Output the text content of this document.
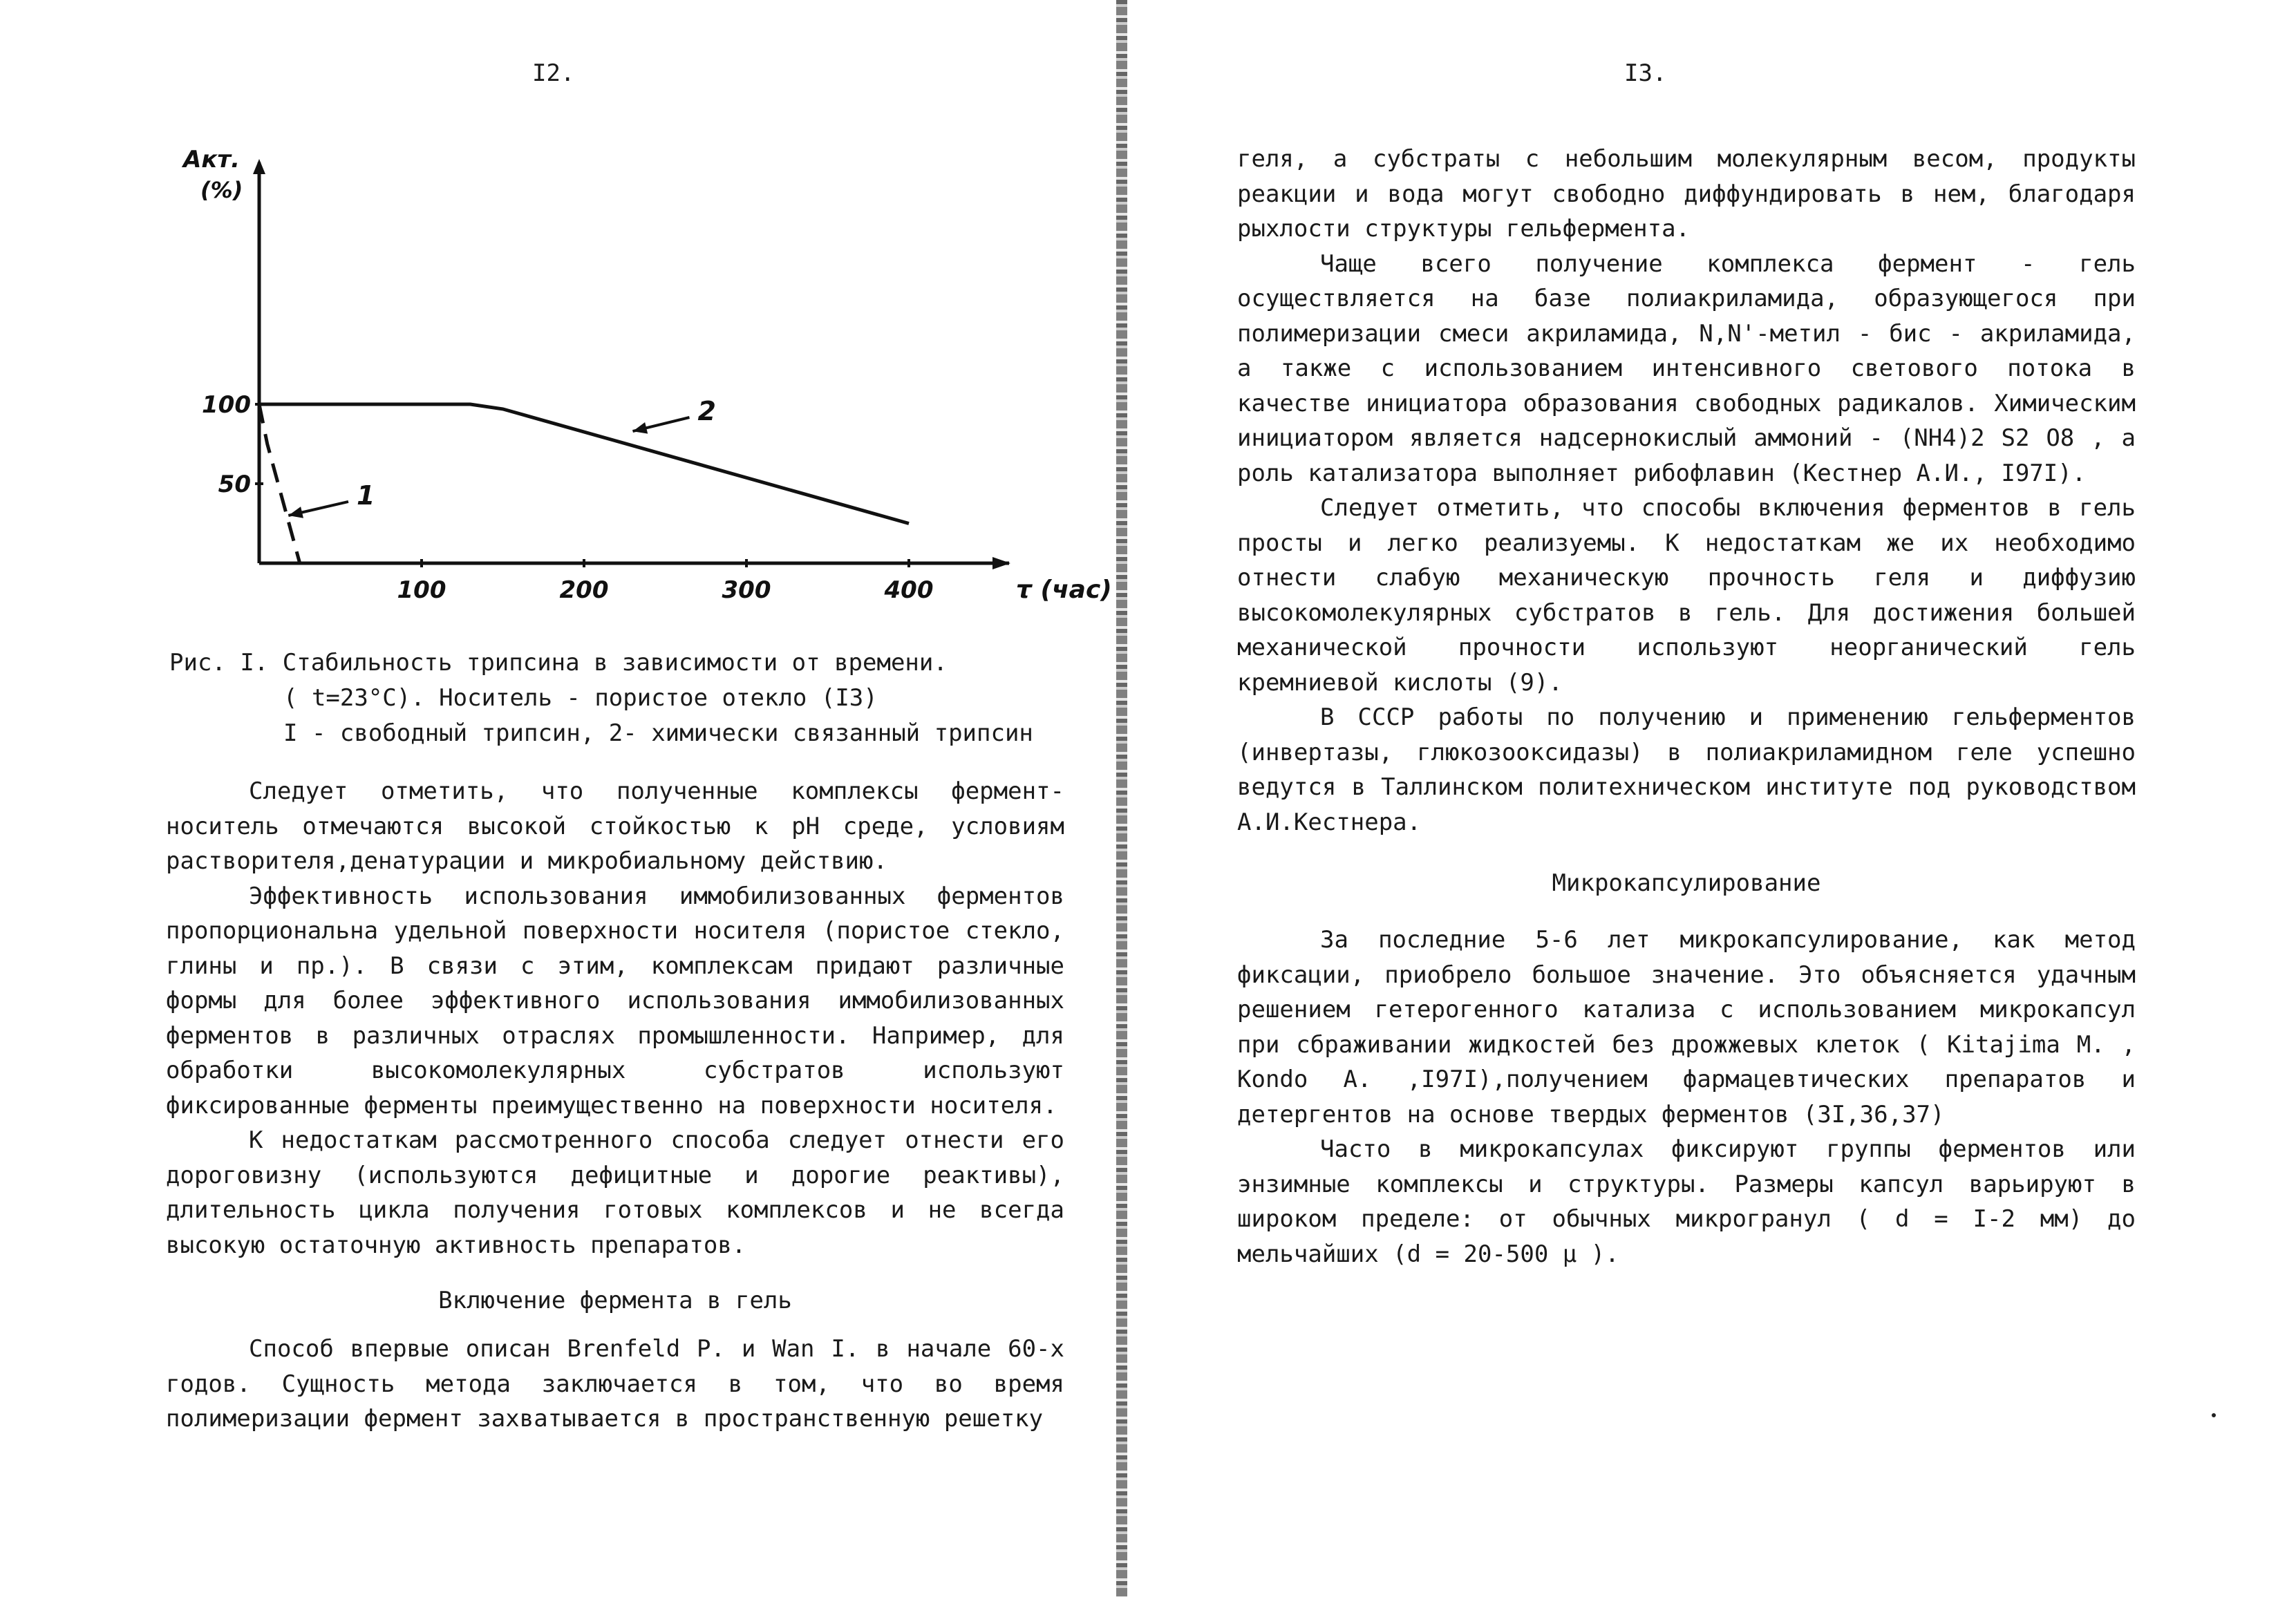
I2.
50
100
100	200	300	400
Акт.
(%)
τ (час)
1
2
Рис. I. Стабильность трипсина в зависимости от времени.
( t=23°C). Носитель - пористое отекло (I3)
I - свободный трипсин, 2- химически связанный трипсин

Следует отметить, что полученные комплексы фермент-носитель отмечаются высокой стойкостью к pH среде, условиям растворителя,денатурации и микробиальному действию.

Эффективность использования иммобилизованных ферментов пропорциональна удельной поверхности носителя (пористое стекло, глины и пр.). В связи с этим, комплексам придают различные формы для более эффективного использования иммобилизованных ферментов в различных отраслях промышленности. Например, для обработки высокомолекулярных субстратов используют фиксированные ферменты преимущественно на поверхности носителя.

К недостаткам рассмотренного способа следует отнести его дороговизну (используются дефицитные и дорогие реактивы), длительность цикла получения готовых комплексов и не всегда высокую остаточную активность препаратов.

Включение фермента в гель

Способ впервые описан Brenfeld P. и Wan I. в начале 60-х годов. Сущность метода заключается в том, что во время полимеризации фермент захватывается в пространственную решетку

I3.

геля, а субстраты с небольшим молекулярным весом, продукты реакции и вода могут свободно диффундировать в нем, благодаря рыхлости структуры гельфермента.

Чаще всего получение комплекса фермент - гель осуществляется на базе полиакриламида, образующегося при полимеризации смеси акриламида, N,N'-метил - бис - акриламида, а также с использованием интенсивного светового потока в качестве инициатора образования свободных радикалов. Химическим инициатором является надсернокислый аммоний - (NH4)2 S2 O8 , а роль катализатора выполняет рибофлавин (Кестнер А.И., I97I).

Следует отметить, что способы включения ферментов в гель просты и легко реализуемы. К недостаткам же их необходимо отнести слабую механическую прочность геля и диффузию высокомолекулярных субстратов в гель. Для достижения большей механической прочности используют неорганический гель кремниевой кислоты (9).

В СССР работы по получению и применению гельферментов (инвертазы, глюкозооксидазы) в полиакриламидном геле успешно ведутся в Таллинском политехническом институте под руководством А.И.Кестнера.

Микрокапсулирование

За последние 5-6 лет микрокапсулирование, как метод фиксации, приобрело большое значение. Это объясняется удачным решением гетерогенного катализа с использованием микрокапсул при сбраживании жидкостей без дрожжевых клеток ( Kitajima M. , Kondo A. ,I97I),получением фармацевтических препаратов и детергентов на основе твердых ферментов (3I,36,37)

Часто в микрокапсулах фиксируют группы ферментов или энзимные комплексы и структуры. Размеры капсул варьируют в широком пределе: от обычных микрогранул ( d = I-2 мм) до мельчайших (d = 20-500 μ ).
